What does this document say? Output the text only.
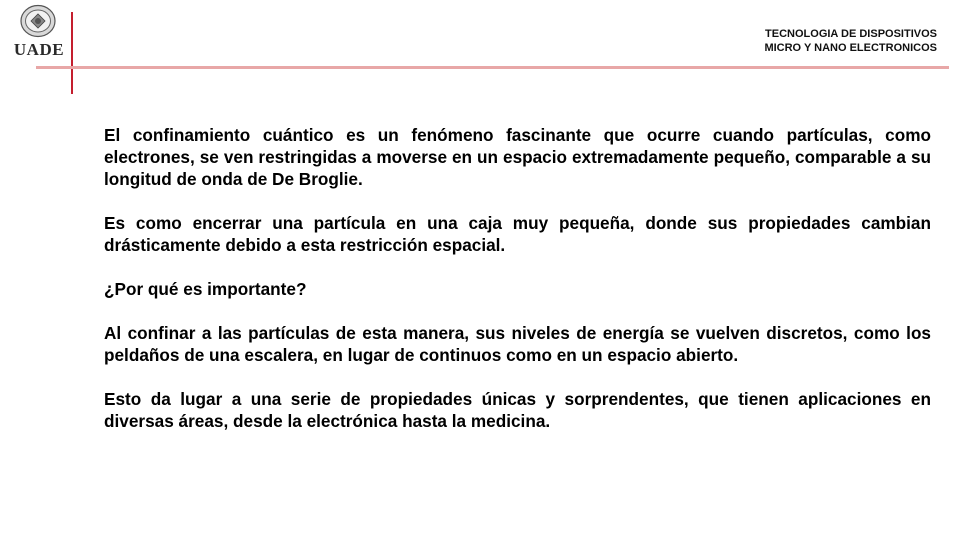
UADE
TECNOLOGIA DE DISPOSITIVOS
MICRO Y NANO ELECTRONICOS

El confinamiento cuántico es un fenómeno fascinante que ocurre cuando partículas, como electrones, se ven restringidas a moverse en un espacio extremadamente pequeño, comparable a su longitud de onda de De Broglie.

Es como encerrar una partícula en una caja muy pequeña, donde sus propiedades cambian drásticamente debido a esta restricción espacial.

¿Por qué es importante?

Al confinar a las partículas de esta manera, sus niveles de energía se vuelven discretos, como los peldaños de una escalera, en lugar de continuos como en un espacio abierto.

Esto da lugar a una serie de propiedades únicas y sorprendentes, que tienen aplicaciones en diversas áreas, desde la electrónica hasta la medicina.
